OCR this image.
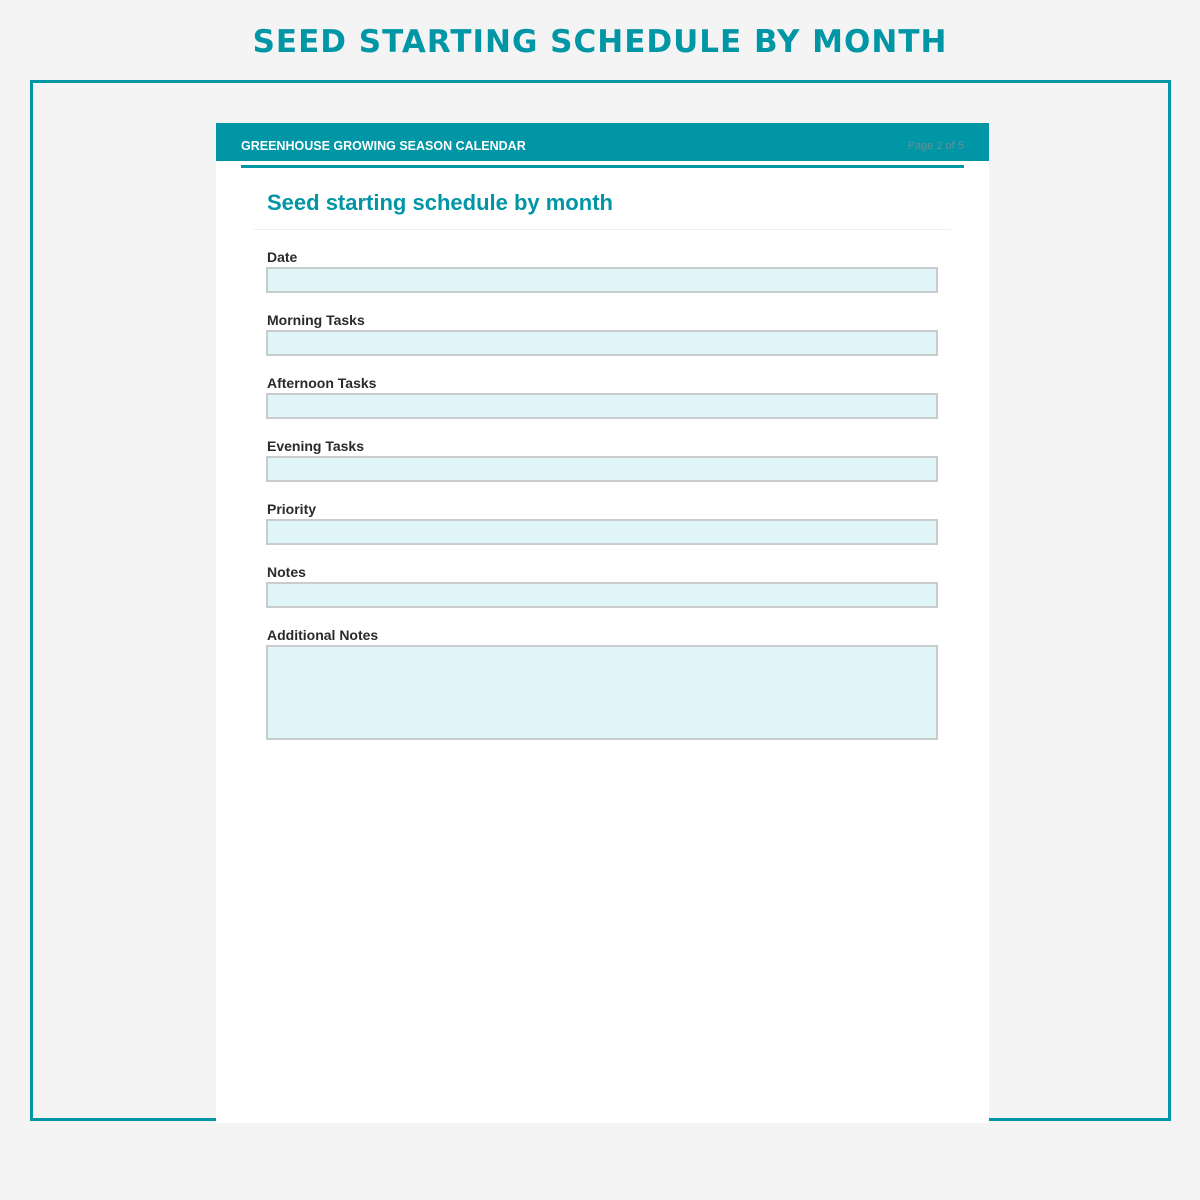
SEED STARTING SCHEDULE BY MONTH
GREENHOUSE GROWING SEASON CALENDAR	Page 2 of 5
Seed starting schedule by month
Date
Morning Tasks
Afternoon Tasks
Evening Tasks
Priority
Notes
Additional Notes
